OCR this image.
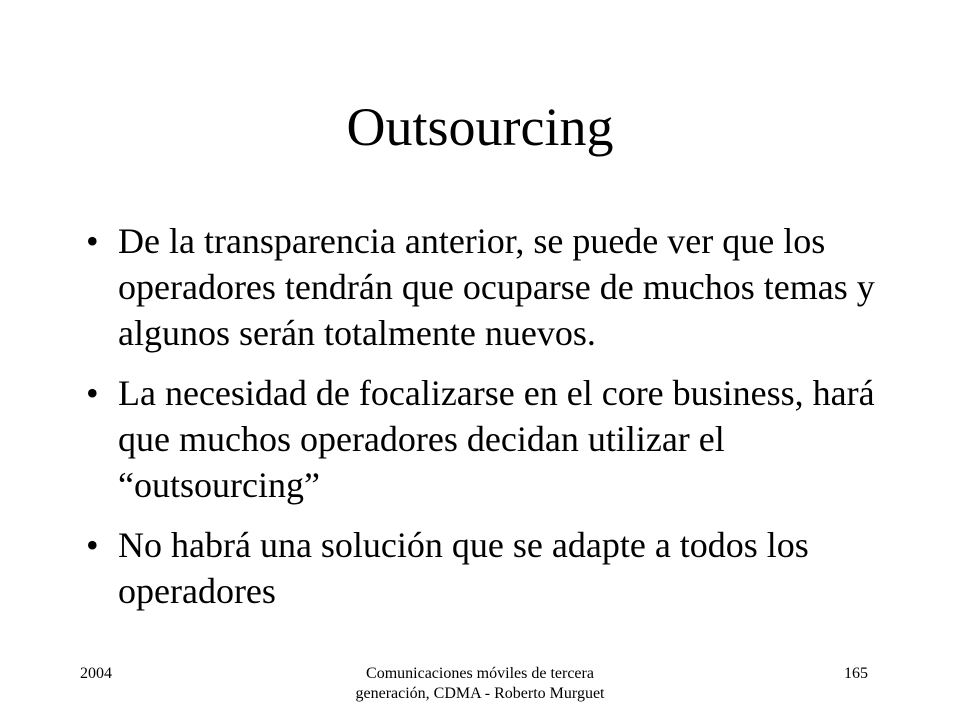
Outsourcing
• De la transparencia anterior, se puede ver que los operadores tendrán que ocuparse de muchos temas y algunos serán totalmente nuevos.
• La necesidad de focalizarse en el core business, hará que muchos operadores decidan utilizar el “outsourcing”
• No habrá una solución que se adapte a todos los operadores
2004	Comunicaciones móviles de tercera generación, CDMA - Roberto Murguet
165
